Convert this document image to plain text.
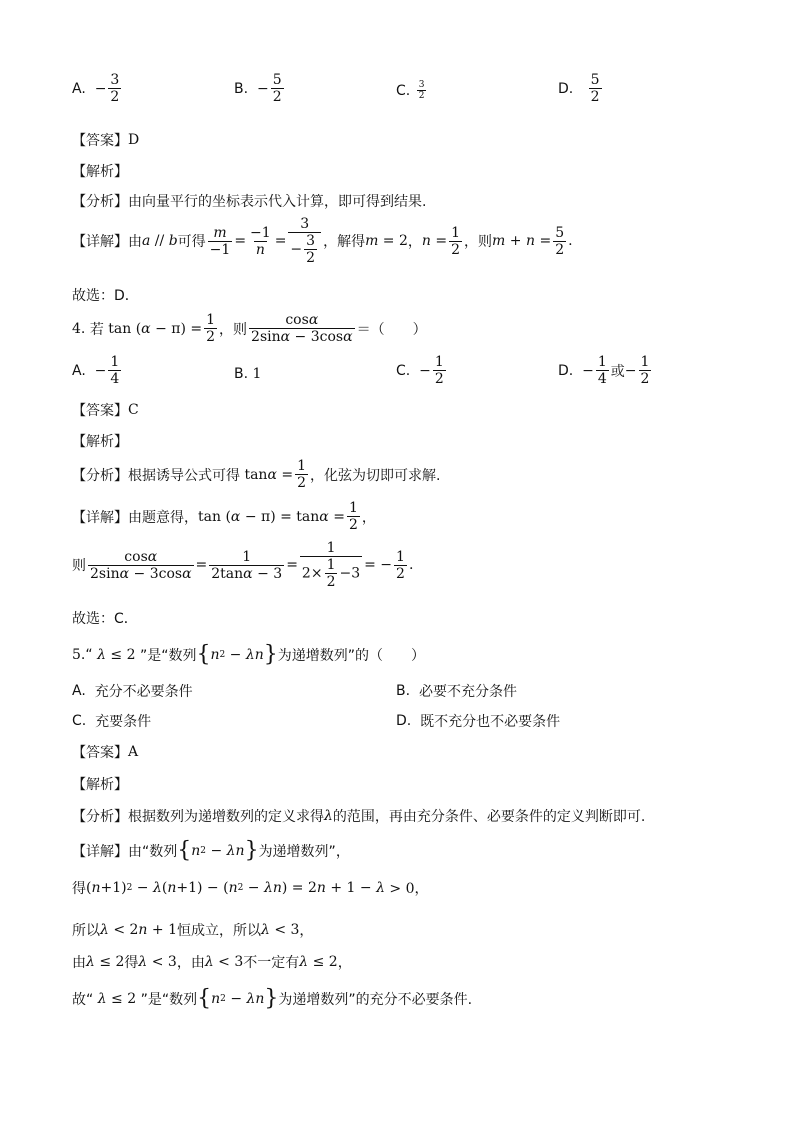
A.
− $\frac{3}{2}$	B.
− $\frac{5}{2}$	C.
$\frac{3}{2}$	D.
$\frac{5}{2}$
【答案】 D
【解析】
【分析】 由向量平行的坐标表示代入计算，即可得到结果.
【详解】 由 a // b 可得 $\frac{m}{-1} = \frac{-1}{n} = \frac{3}{- \frac{3}{2}}$ ，解得 m = 2 ， $n = \frac{1}{2}$ ，则 $m + n = \frac{5}{2}$ .
故选：D．
4.
若 tan ( $\alpha - \pi) = \frac{1}{2}$ ， 则 $\frac{\cos\alpha}{2\sin\alpha - 3\cos\alpha}$ ＝（　　）
A. − $\frac{1}{4}$	B.
1	C. − $\frac{1}{2}$	D. − $\frac{1}{4}$ 或 − $\frac{1}{2}$
【答案】 C
【解析】
【分析】 根据诱导公式可得 $\tan \alpha = \frac{1}{2}$ ，化弦为切即可求解.
【详解】 由题意得， tan ( $\alpha - \pi) = \tan \alpha = \frac{1}{2}$ ，
则 $\frac{\cos\alpha}{2\sin\alpha - 3\cos\alpha} = \frac{1}{2\tan\alpha - 3} = \frac{1}{2\times \frac{1}{2} -3}$ = − $\frac{1}{2}$ .
故选：C．
5. “
λ ≤ 2 ”是“数列 { n 2 − λn } 为递增数列”的（　　）
A.
充分不必要条件	B.
必要不充分条件
C.
充要条件	D.
既不充分也不必要条件
【答案】 A
【解析】
【分析】 根据数列为递增数列的定义求得 λ 的范围，再由充分条件、必要条件的定义判断即可.
【详解】 由“数列 { n 2 − λn } 为递增数列”，
得 ( n +1) 2 − λ ( n +1) − ( n 2 − λn ) = 2 n + 1 − λ > 0，
所以 λ < 2 n + 1 恒成立，所以 λ < 3 ，
由 λ ≤ 2 得 λ < 3 ，由 λ < 3 不一定有 λ ≤ 2 ，
故“
λ ≤ 2 ”是“数列 { n 2 − λn } 为递增数列”的充分不必要条件.
